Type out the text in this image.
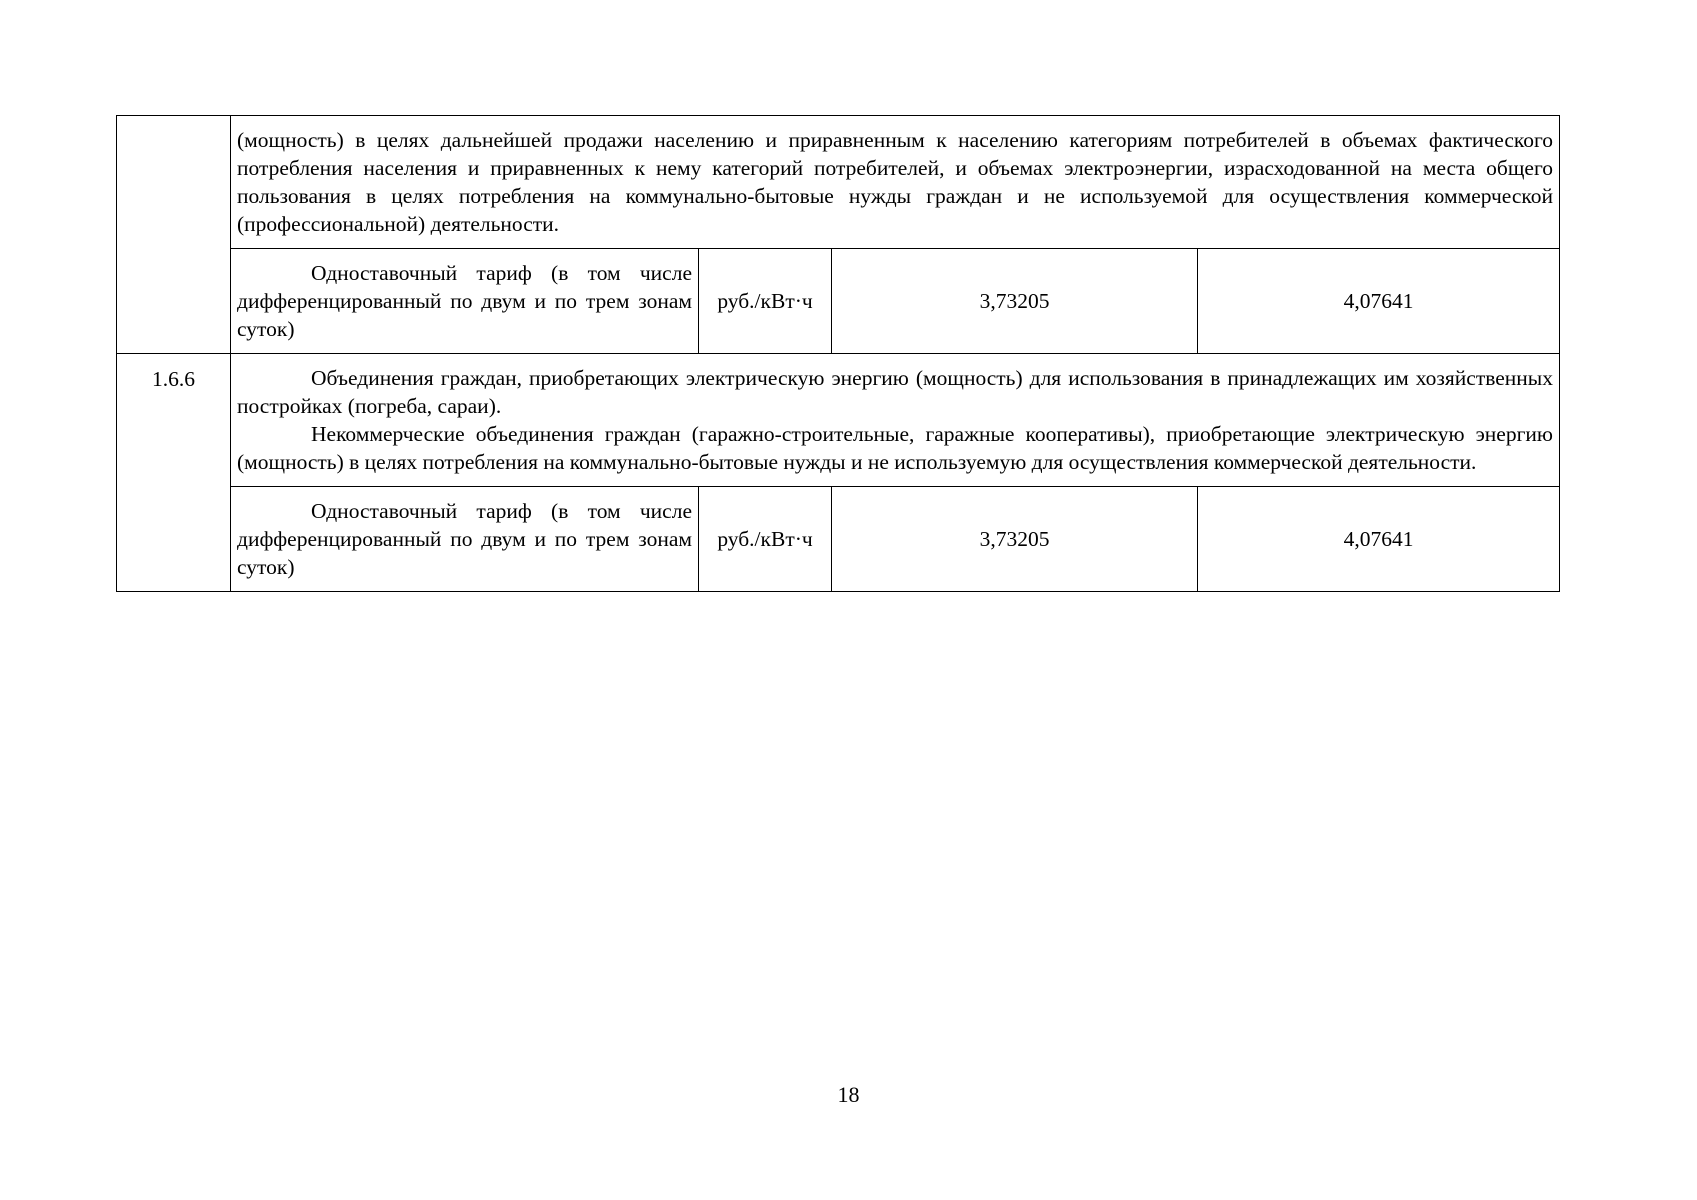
	(мощность) в целях дальнейшей продажи населению и приравненным к населению категориям потребителей в объемах фактического потребления населения и приравненных к нему категорий потребителей, и объемах электроэнергии, израсходованной на места общего пользования в целях потребления на коммунально-бытовые нужды граждан и не используемой для осуществления коммерческой (профессиональной) деятельности.			

	Одноставочный тариф (в том числе дифференцированный по двум и по трем зонам суток)	руб./кВт·ч	3,73205	4,07641
1.6.6	Объединения граждан, приобретающих электрическую энергию (мощность) для использования в принадлежащих им хозяйственных постройках (погреба, сараи).

Некоммерческие объединения граждан (гаражно-строительные, гаражные кооперативы), приобретающие электрическую энергию (мощность) в целях потребления на коммунально-бытовые нужды и не используемую для осуществления коммерческой деятельности.			

	Одноставочный тариф (в том числе дифференцированный по двум и по трем зонам суток)	руб./кВт·ч	3,73205	4,07641
18
